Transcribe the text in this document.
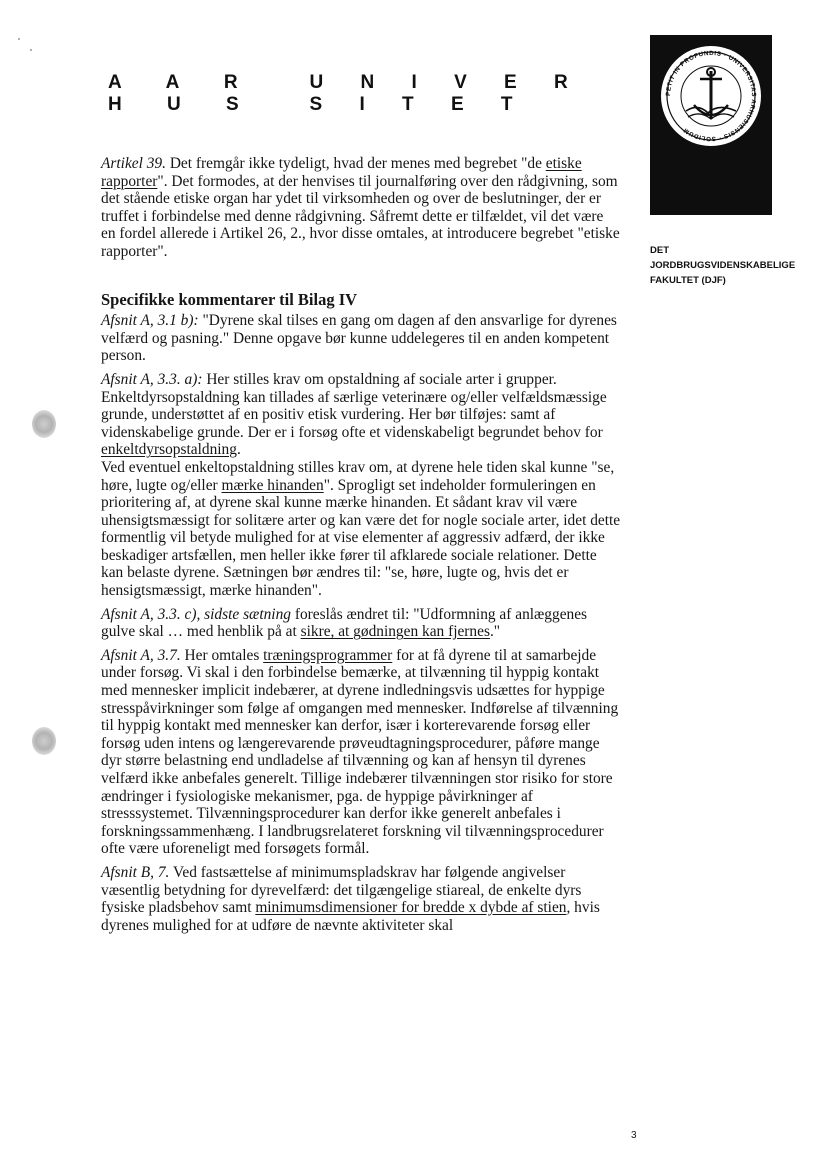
A A R H U S
U N I V E R S I T E T
PETIT IN PROFUNDIS · UNIVERSITAS ARHUSIENSIS · SOLIDUM
DET
JORDBRUGSVIDENSKABELIGE
FAKULTET (DJF)

Artikel 39. Det fremgår ikke tydeligt, hvad der menes med begrebet "de etiske rapporter". Det formodes, at der henvises til journalføring over den rådgivning, som det stående etiske organ har ydet til virksomheden og over de beslutninger, der er truffet i forbindelse med denne rådgivning. Såfremt dette er tilfældet, vil det være en fordel allerede i Artikel 26, 2., hvor disse omtales, at introducere begrebet "etiske rapporter".

Specifikke kommentarer til Bilag IV

Afsnit A, 3.1 b): "Dyrene skal tilses en gang om dagen af den ansvarlige for dyrenes velfærd og pasning." Denne opgave bør kunne uddelegeres til en anden kompetent person.

Afsnit A, 3.3. a): Her stilles krav om opstaldning af sociale arter i grupper. Enkeltdyrsopstaldning kan tillades af særlige veterinære og/eller velfældsmæssige grunde, understøttet af en positiv etisk vurdering. Her bør tilføjes: samt af videnskabelige grunde. Der er i forsøg ofte et videnskabeligt begrundet behov for enkeltdyrsopstaldning.
Ved eventuel enkeltopstaldning stilles krav om, at dyrene hele tiden skal kunne "se, høre, lugte og/eller mærke hinanden". Sprogligt set indeholder formuleringen en prioritering af, at dyrene skal kunne mærke hinanden. Et sådant krav vil være uhensigtsmæssigt for solitære arter og kan være det for nogle sociale arter, idet dette formentlig vil betyde mulighed for at vise elementer af aggressiv adfærd, der ikke beskadiger artsfællen, men heller ikke fører til afklarede sociale relationer. Dette kan belaste dyrene. Sætningen bør ændres til: "se, høre, lugte og, hvis det er hensigtsmæssigt, mærke hinanden".

Afsnit A, 3.3. c), sidste sætning foreslås ændret til: "Udformning af anlæggenes gulve skal … med henblik på at sikre, at gødningen kan fjernes."

Afsnit A, 3.7. Her omtales træningsprogrammer for at få dyrene til at samarbejde under forsøg. Vi skal i den forbindelse bemærke, at tilvænning til hyppig kontakt med mennesker implicit indebærer, at dyrene indledningsvis udsættes for hyppige stresspåvirkninger som følge af omgangen med mennesker. Indførelse af tilvænning til hyppig kontakt med mennesker kan derfor, især i korterevarende forsøg eller forsøg uden intens og længerevarende prøveudtagningsprocedurer, påføre mange dyr større belastning end undladelse af tilvænning og kan af hensyn til dyrenes velfærd ikke anbefales generelt. Tillige indebærer tilvænningen stor risiko for store ændringer i fysiologiske mekanismer, pga. de hyppige påvirkninger af stresssystemet. Tilvænningsprocedurer kan derfor ikke generelt anbefales i forskningssammenhæng. I landbrugsrelateret forskning vil tilvænningsprocedurer ofte være uforeneligt med forsøgets formål.

Afsnit B, 7. Ved fastsættelse af minimumspladskrav har følgende angivelser væsentlig betydning for dyrevelfærd: det tilgængelige stiareal, de enkelte dyrs fysiske pladsbehov samt minimumsdimensioner for bredde x dybde af stien, hvis dyrenes mulighed for at udføre de nævnte aktiviteter skal

3
